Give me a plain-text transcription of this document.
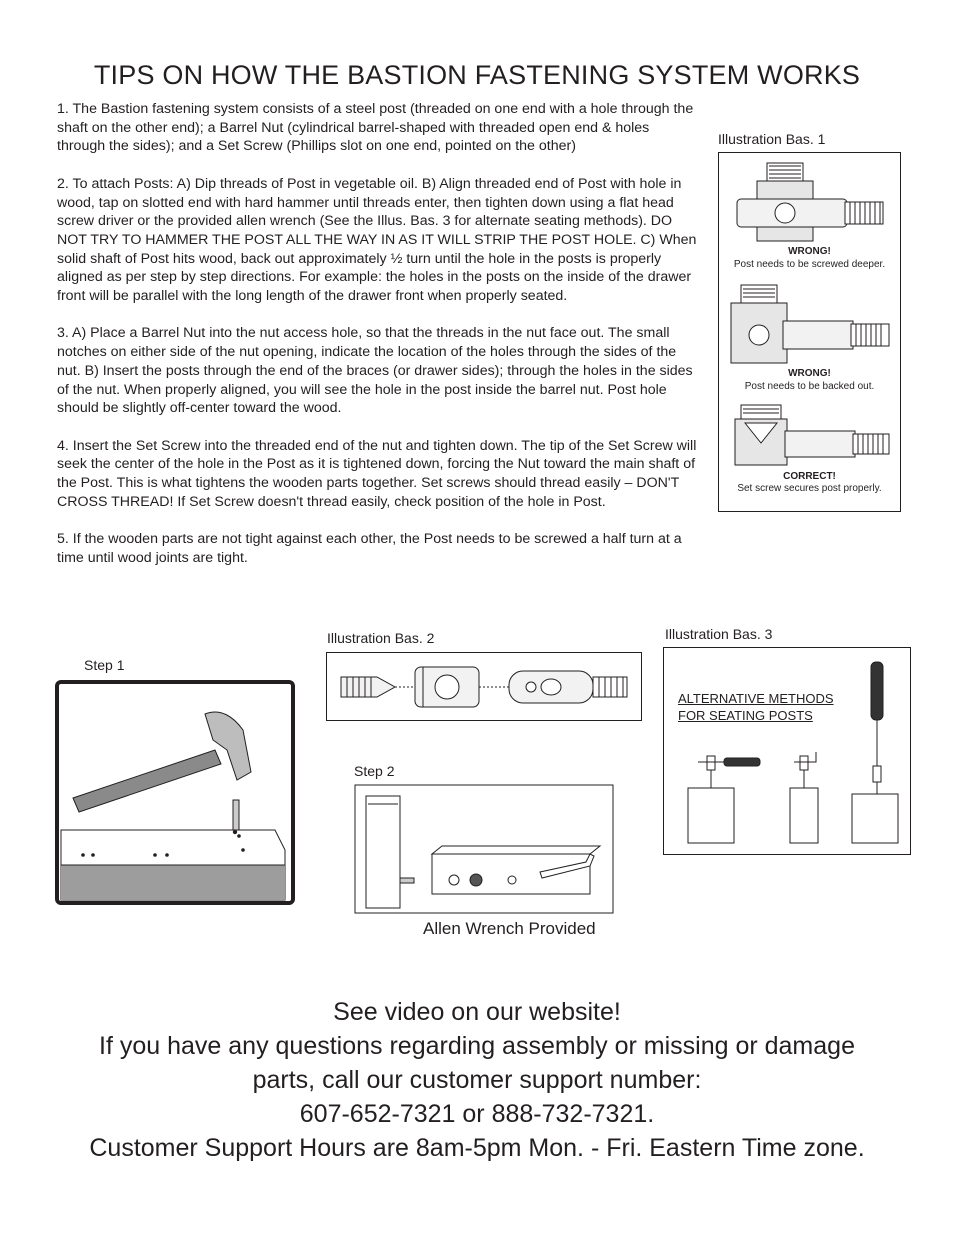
TIPS ON HOW THE BASTION FASTENING SYSTEM WORKS

1. The Bastion fastening system consists of a steel post (threaded on one end with a hole through the shaft on the other end); a Barrel Nut (cylindrical barrel-shaped with threaded open end & holes through the sides); and a Set Screw (Phillips slot on one end, pointed on the other)

2. To attach Posts: A) Dip threads of Post in vegetable oil. B) Align threaded end of Post with hole in wood, tap on slotted end with hard hammer until threads enter, then tighten down using a flat head screw driver or the provided allen wrench (See the Illus. Bas. 3 for alternate seating methods). DO NOT TRY TO HAMMER THE POST ALL THE WAY IN AS IT WILL STRIP THE POST HOLE. C) When solid shaft of Post hits wood, back out approximately ½ turn until the hole in the posts is properly aligned as per step by step directions. For example: the holes in the posts on the inside of the drawer front will be parallel with the long length of the drawer front when properly seated.

3. A) Place a Barrel Nut into the nut access hole, so that the threads in the nut face out. The small notches on either side of the nut opening, indicate the location of the holes through the sides of the nut. B) Insert the posts through the end of the braces (or drawer sides); through the holes in the sides of the nut. When properly aligned, you will see the hole in the post inside the barrel nut. Post hole should be slightly off-center toward the wood.

4. Insert the Set Screw into the threaded end of the nut and tighten down. The tip of the Set Screw will seek the center of the hole in the Post as it is tightened down, forcing the Nut toward the main shaft of the Post. This is what tightens the wooden parts together. Set screws should thread easily – DON'T CROSS THREAD! If Set Screw doesn't thread easily, check position of the hole in Post.

5. If the wooden parts are not tight against each other, the Post needs to be screwed a half turn at a time until wood joints are tight.

Illustration Bas. 1
WRONG!
Post needs to be screwed deeper.
WRONG!
Post needs to be backed out.
CORRECT!
Set screw secures post properly.
Illustration Bas. 2	Illustration Bas. 3
ALTERNATIVE METHODS
FOR SEATING POSTS
Step 1
Step 2
Allen Wrench Provided
See video on our website!
If you have any questions regarding assembly or missing or damage
parts, call our customer support number:
607-652-7321 or 888-732-7321.
Customer Support Hours are 8am-5pm Mon. - Fri. Eastern Time zone.
